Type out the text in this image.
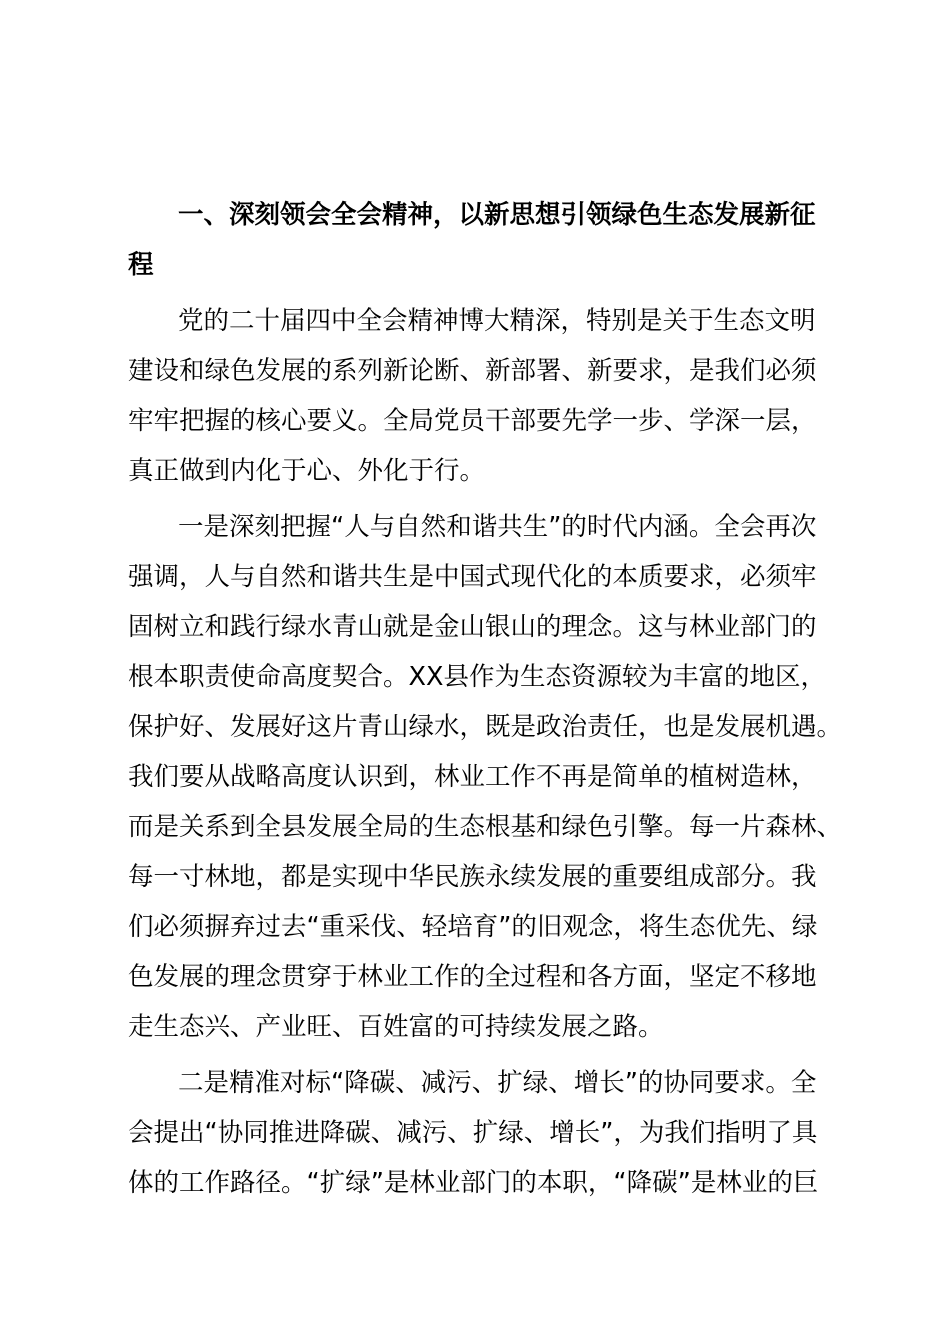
一、深刻领会全会精神，以新思想引领绿色生态发展新征
程
党的二十届四中全会精神博大精深，特别是关于生态文明
建设和绿色发展的系列新论断、新部署、新要求，是我们必须
牢牢把握的核心要义。全局党员干部要先学一步、学深一层，
真正做到内化于心、外化于行。
一是深刻把握“人与自然和谐共生”的时代内涵。全会再次
强调，人与自然和谐共生是中国式现代化的本质要求，必须牢
固树立和践行绿水青山就是金山银山的理念。这与林业部门的
根本职责使命高度契合。XX县作为生态资源较为丰富的地区，
保护好、发展好这片青山绿水，既是政治责任，也是发展机遇。
我们要从战略高度认识到，林业工作不再是简单的植树造林，
而是关系到全县发展全局的生态根基和绿色引擎。每一片森林、
每一寸林地，都是实现中华民族永续发展的重要组成部分。我
们必须摒弃过去“重采伐、轻培育”的旧观念，将生态优先、绿
色发展的理念贯穿于林业工作的全过程和各方面，坚定不移地
走生态兴、产业旺、百姓富的可持续发展之路。
二是精准对标“降碳、减污、扩绿、增长”的协同要求。全
会提出“协同推进降碳、减污、扩绿、增长”，为我们指明了具
体的工作路径。“扩绿”是林业部门的本职，“降碳”是林业的巨
